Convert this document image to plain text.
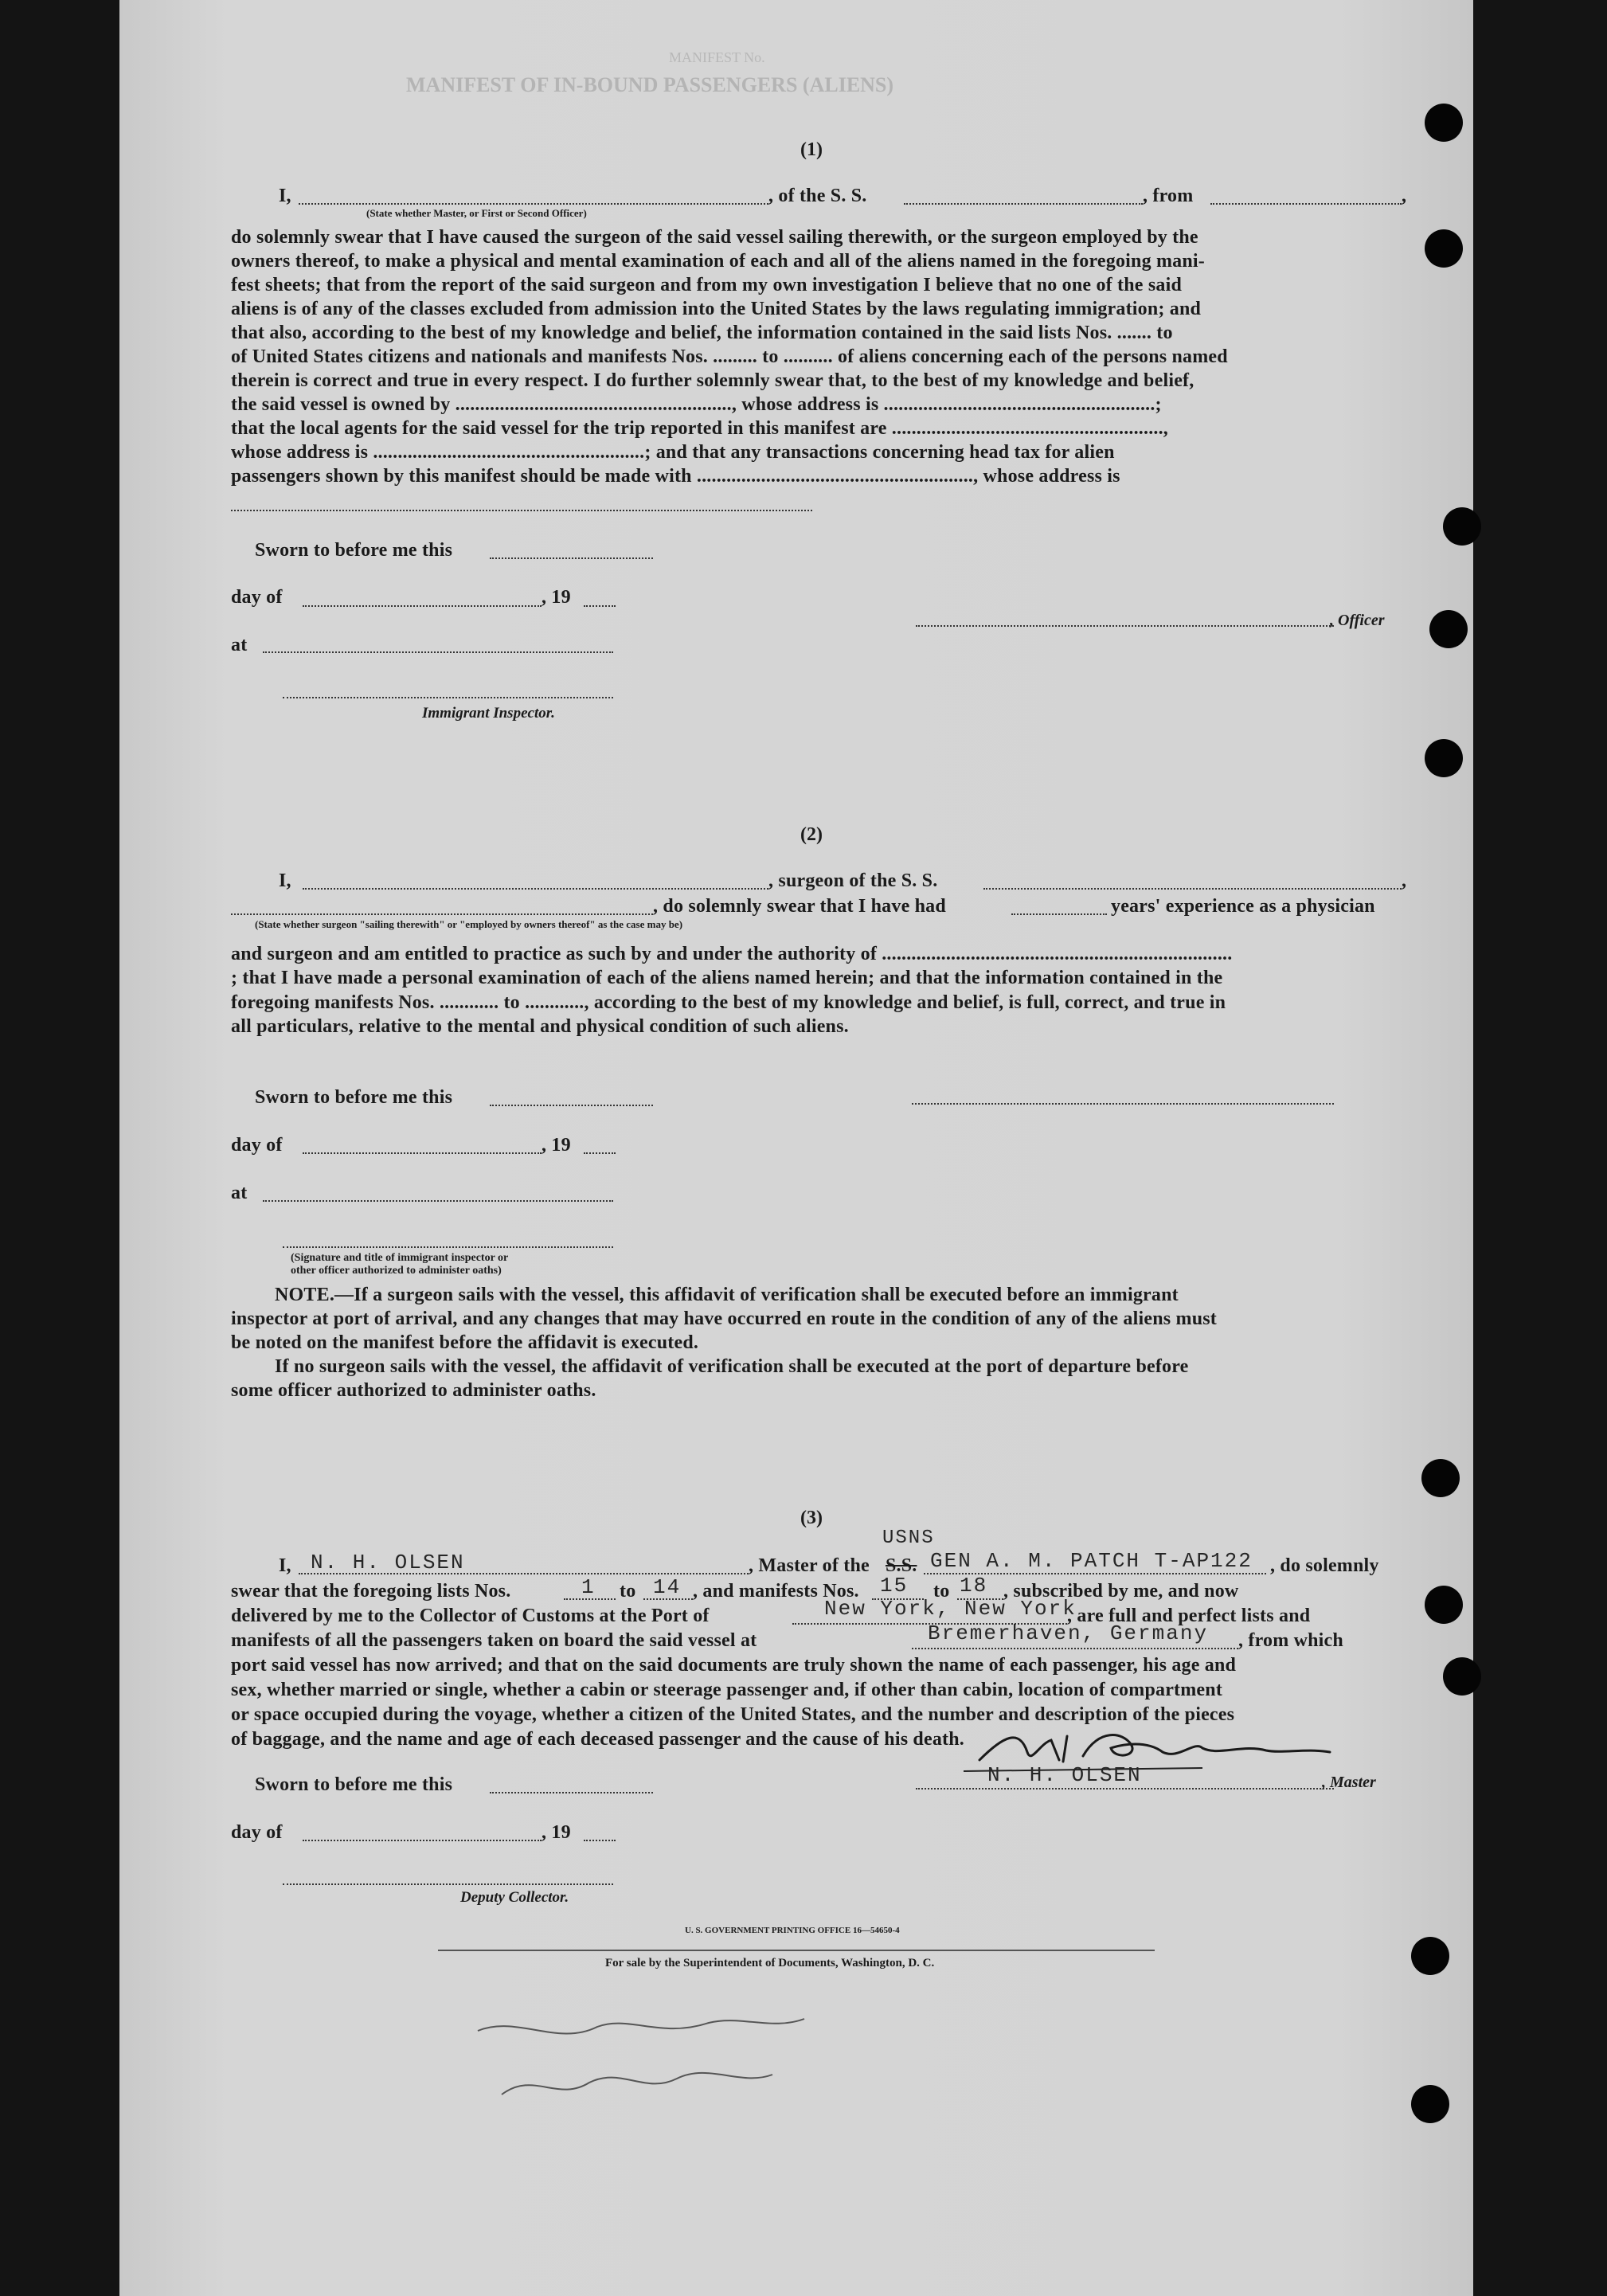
MANIFEST OF IN-BOUND PASSENGERS (ALIENS)
MANIFEST No.
(1)
I,	, of the S. S.	, from	,
(State whether Master, or First or Second Officer)
do solemnly swear that I have caused the surgeon of the said vessel sailing therewith, or the surgeon employed by the
owners thereof, to make a physical and mental examination of each and all of the aliens named in the foregoing mani-
fest sheets; that from the report of the said surgeon and from my own investigation I believe that no one of the said
aliens is of any of the classes excluded from admission into the United States by the laws regulating immigration; and
that also, according to the best of my knowledge and belief, the information contained in the said lists Nos. ....... to
of United States citizens and nationals and manifests Nos. ......... to .......... of aliens concerning each of the persons named
therein is correct and true in every respect. I do further solemnly swear that, to the best of my knowledge and belief,
the said vessel is owned by ........................................................, whose address is .......................................................;
that the local agents for the said vessel for the trip reported in this manifest are .......................................................,
whose address is .......................................................; and that any transactions concerning head tax for alien
passengers shown by this manifest should be made with ........................................................, whose address is
Sworn to before me this
day of	, 19
, Officer
at
Immigrant Inspector.
(2)
I,	, surgeon of the S. S.	,
, do solemnly swear that I have had	years' experience as a physician
(State whether surgeon "sailing therewith" or "employed by owners thereof" as the case may be)
and surgeon and am entitled to practice as such by and under the authority of .......................................................................
; that I have made a personal examination of each of the aliens named herein; and that the information contained in the
foregoing manifests Nos. ............ to ............, according to the best of my knowledge and belief, is full, correct, and true in
all particulars, relative to the mental and physical condition of such aliens.
Sworn to before me this
day of	, 19
at
(Signature and title of immigrant inspector or
other officer authorized to administer oaths)
NOTE.—If a surgeon sails with the vessel, this affidavit of verification shall be executed before an immigrant
inspector at port of arrival, and any changes that may have occurred en route in the condition of any of the aliens must
be noted on the manifest before the affidavit is executed.
If no surgeon sails with the vessel, the affidavit of verification shall be executed at the port of departure before
some officer authorized to administer oaths.
(3)
USNS
I, N. H. OLSEN	, Master of the S.S. GEN A. M. PATCH T-AP122 , do solemnly
swear that the foregoing lists Nos.	1 to 14 , and manifests Nos. 15 to 18 , subscribed by me, and now
delivered by me to the Collector of Customs at the Port of	New York, New York
, are full and perfect lists and
manifests of all the passengers taken on board the said vessel at	Bremerhaven, Germany , from which
port said vessel has now arrived; and that on the said documents are truly shown the name of each passenger, his age and
sex, whether married or single, whether a cabin or steerage passenger and, if other than cabin, location of compartment
or space occupied during the voyage, whether a citizen of the United States, and the number and description of the pieces
of baggage, and the name and age of each deceased passenger and the cause of his death.
Sworn to before me this	N. H. OLSEN	, Master
day of	, 19
Deputy Collector.
U. S. GOVERNMENT PRINTING OFFICE 16—54650-4
For sale by the Superintendent of Documents, Washington, D. C.
